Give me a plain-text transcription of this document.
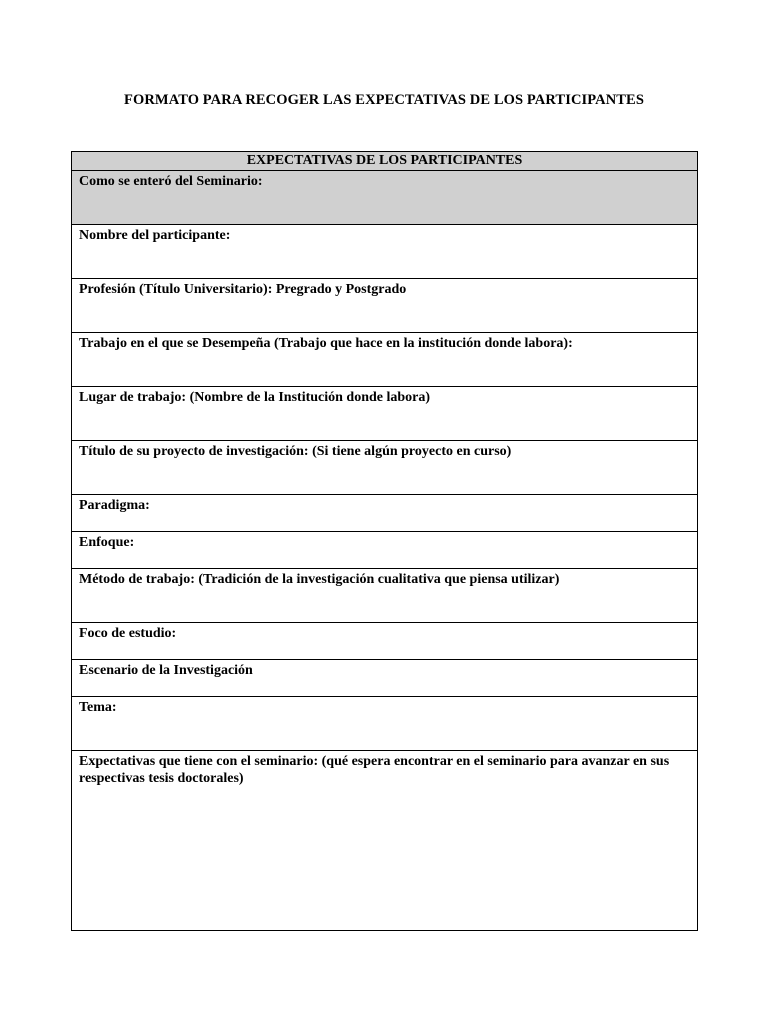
FORMATO PARA RECOGER LAS EXPECTATIVAS DE LOS PARTICIPANTES
EXPECTATIVAS DE LOS PARTICIPANTES
Como se enteró del Seminario:
Nombre del participante:
Profesión (Título Universitario): Pregrado y Postgrado
Trabajo en el que se Desempeña (Trabajo que hace en la institución donde labora):
Lugar de trabajo: (Nombre de la Institución donde labora)
Título de su proyecto de investigación: (Si tiene algún proyecto en curso)
Paradigma:
Enfoque:
Método de trabajo: (Tradición de la investigación cualitativa que piensa utilizar)
Foco de estudio:
Escenario de la Investigación
Tema:
Expectativas que tiene con el seminario: (qué espera encontrar en el seminario para avanzar en sus respectivas tesis doctorales)
